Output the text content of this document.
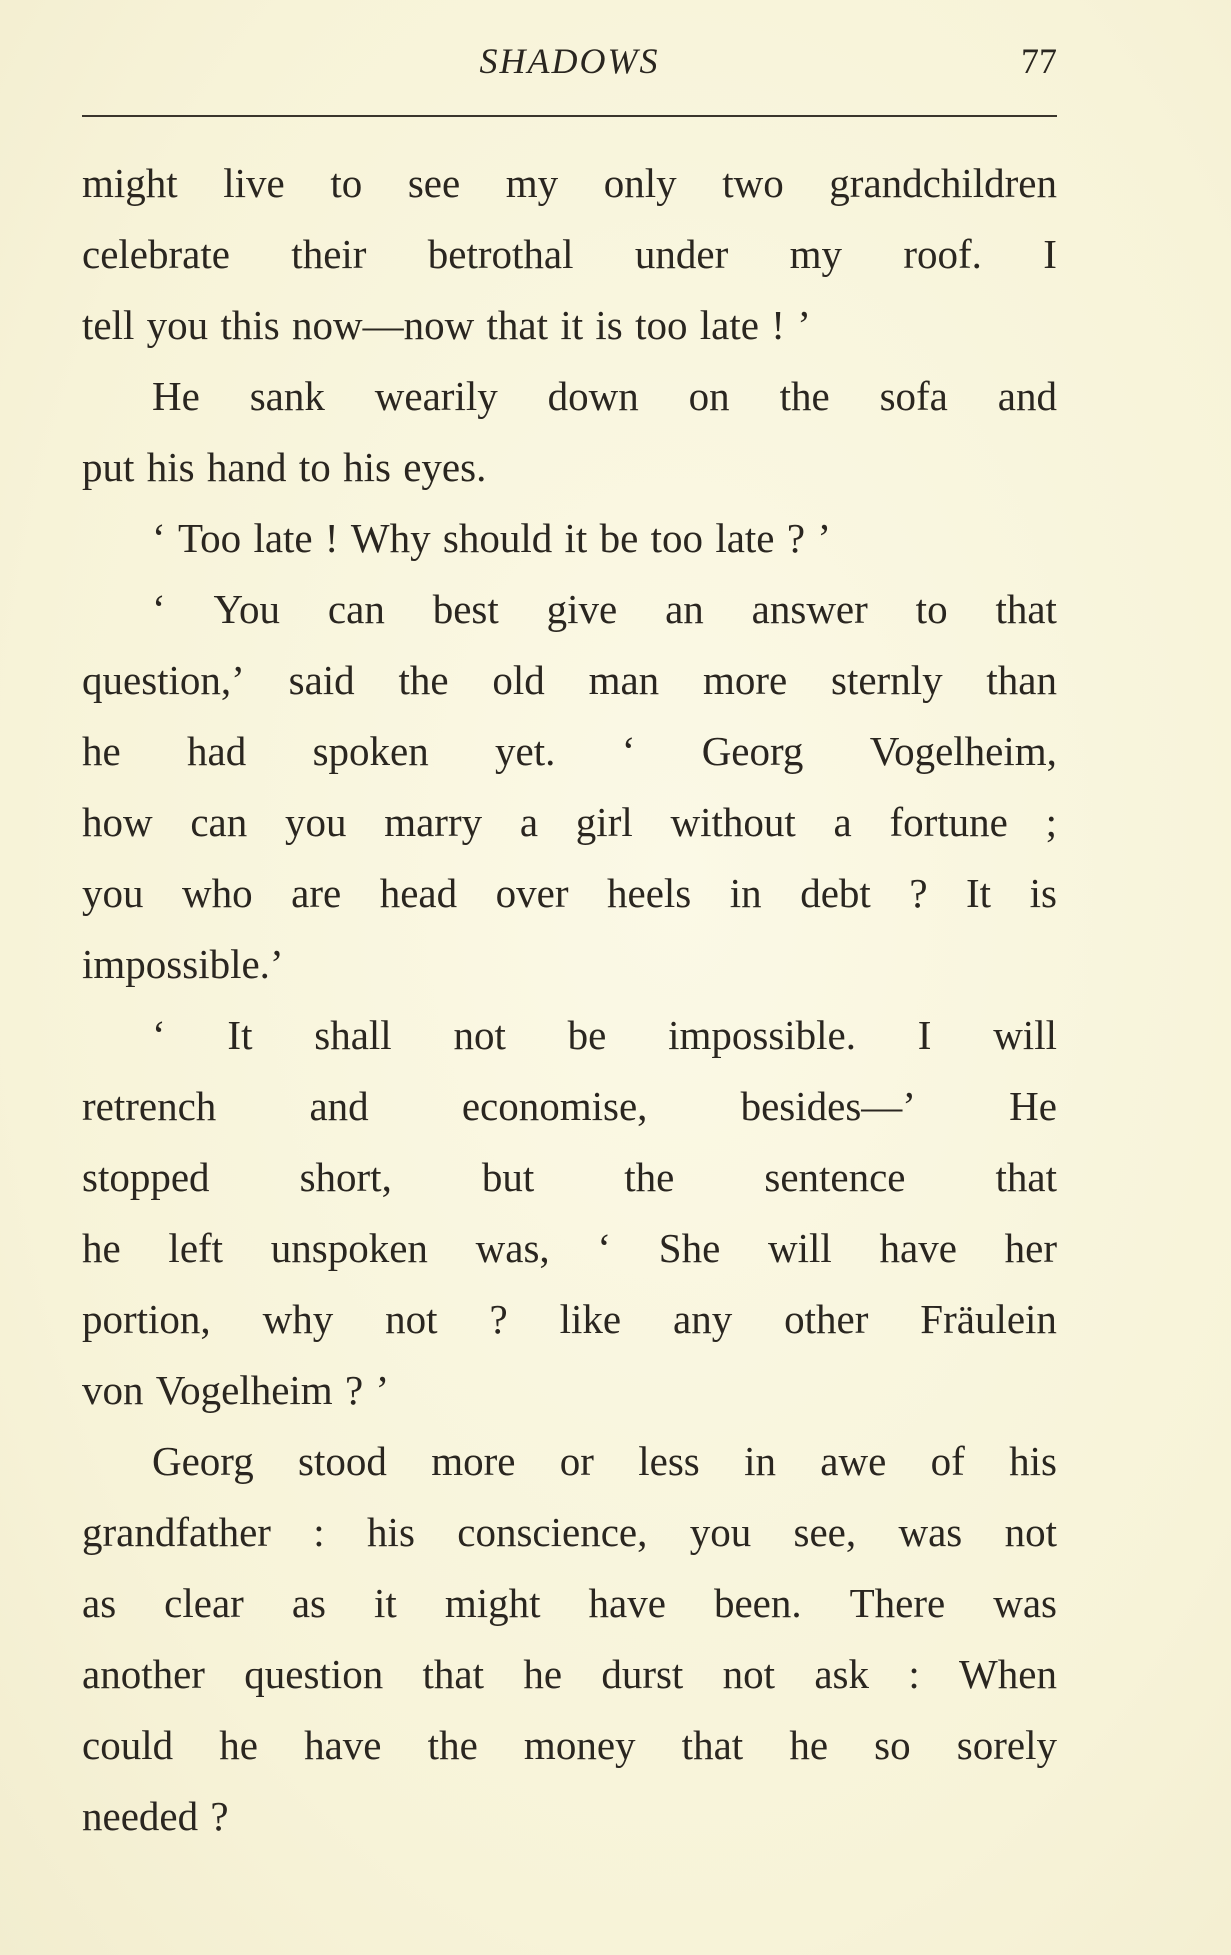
SHADOWS	77
might live to see my only two grandchildren
celebrate their betrothal under my roof. I
tell you this now—now that it is too late ! ’
He sank wearily down on the sofa and
put his hand to his eyes.
‘ Too late ! Why should it be too late ? ’
‘ You can best give an answer to that
question,’ said the old man more sternly than
he had spoken yet. ‘ Georg Vogelheim,
how can you marry a girl without a fortune ;
you who are head over heels in debt ? It is
impossible.’
‘ It shall not be impossible. I will
retrench and economise, besides—’ He
stopped short, but the sentence that
he left unspoken was, ‘ She will have her
portion, why not ? like any other Fräulein
von Vogelheim ? ’
Georg stood more or less in awe of his
grandfather : his conscience, you see, was not
as clear as it might have been. There was
another question that he durst not ask : When
could he have the money that he so sorely
needed ?
